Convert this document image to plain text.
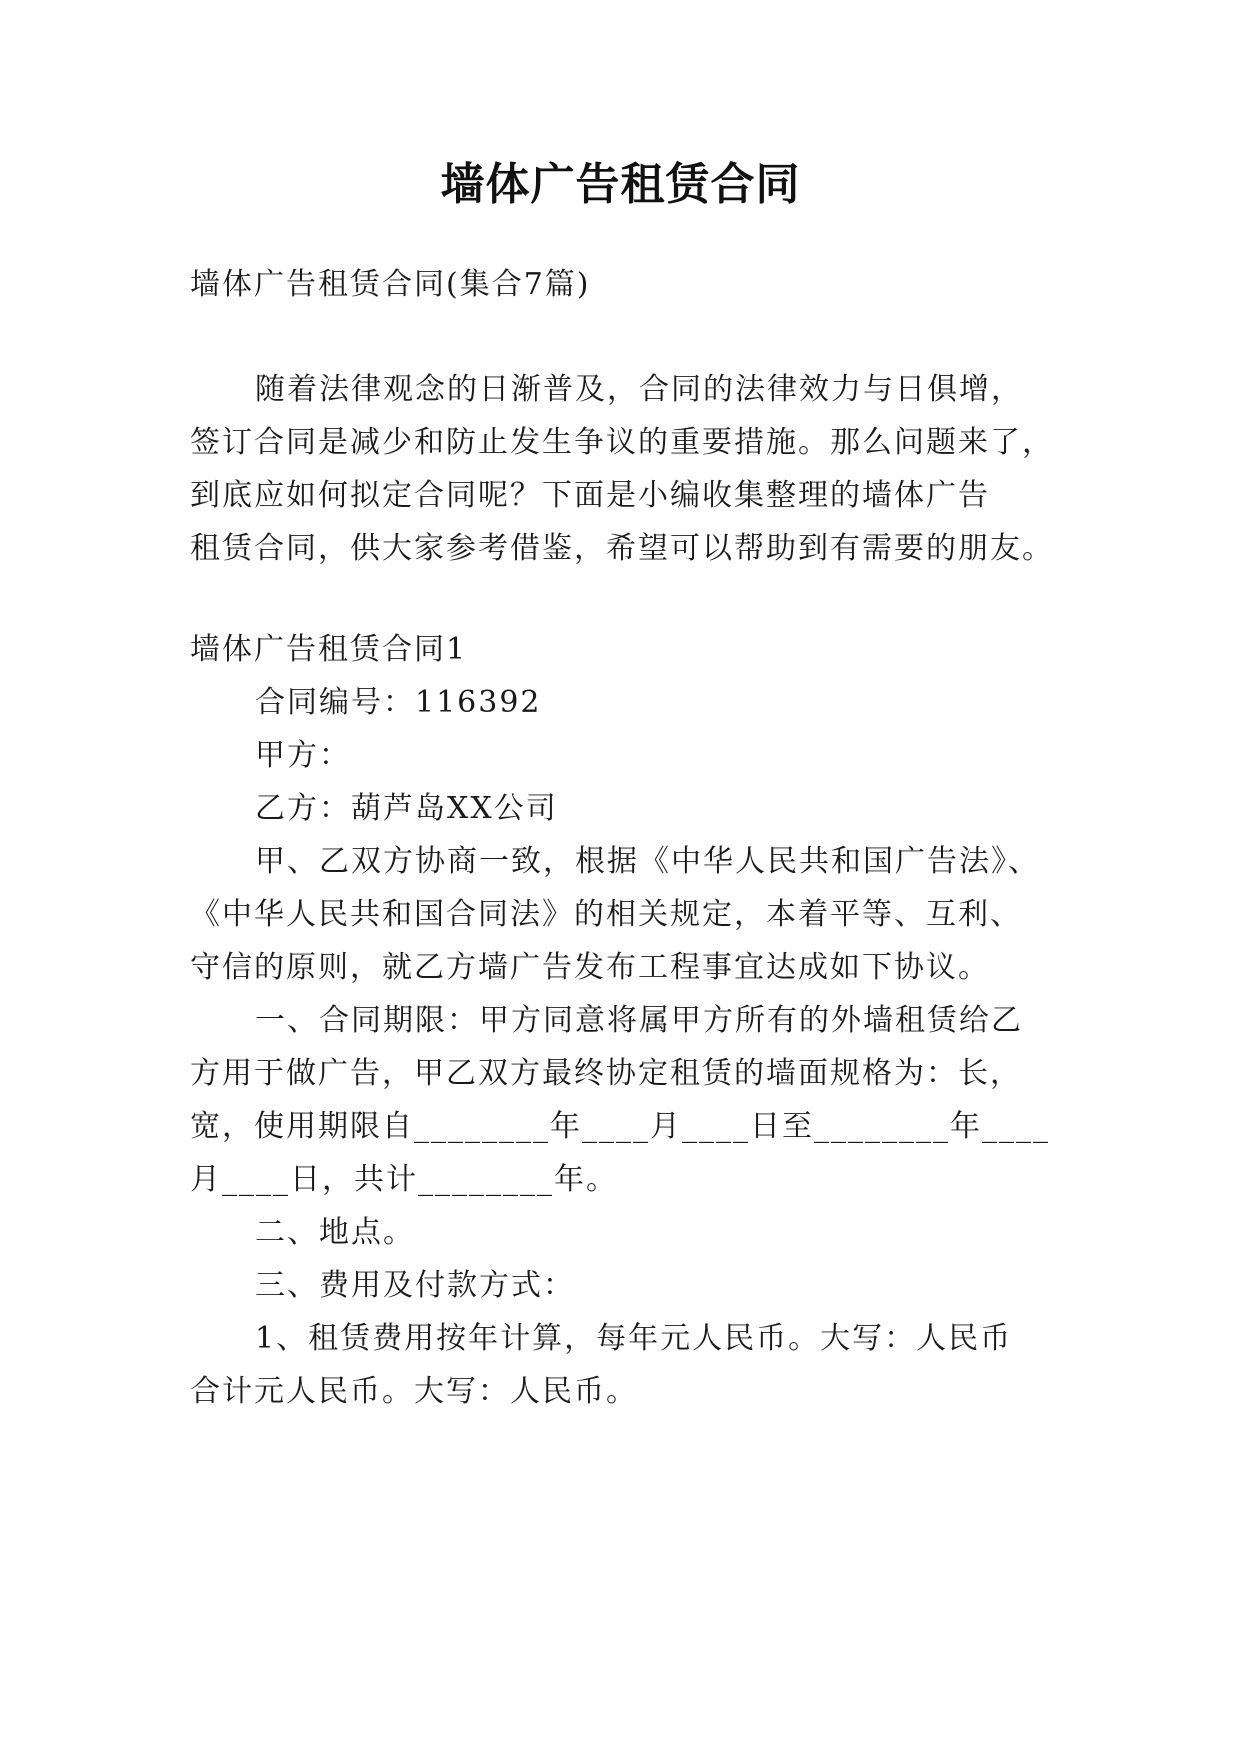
墙体广告租赁合同
墙体广告租赁合同(集合7篇)
随着法律观念的日渐普及，合同的法律效力与日俱增，
签订合同是减少和防止发生争议的重要措施。那么问题来了，
到底应如何拟定合同呢？下面是小编收集整理的墙体广告
租赁合同，供大家参考借鉴，希望可以帮助到有需要的朋友。
墙体广告租赁合同1
合同编号：116392
甲方：
乙方：葫芦岛XX公司
甲、乙双方协商一致，根据《中华人民共和国广告法》、
《中华人民共和国合同法》的相关规定，本着平等、互利、
守信的原则，就乙方墙广告发布工程事宜达成如下协议。
一、合同期限：甲方同意将属甲方所有的外墙租赁给乙
方用于做广告，甲乙双方最终协定租赁的墙面规格为：长，
宽，使用期限自________年____月____日至________年____
月____日，共计________年。
二、地点。
三、费用及付款方式：
1、租赁费用按年计算，每年元人民币。大写：人民币
合计元人民币。大写：人民币。
